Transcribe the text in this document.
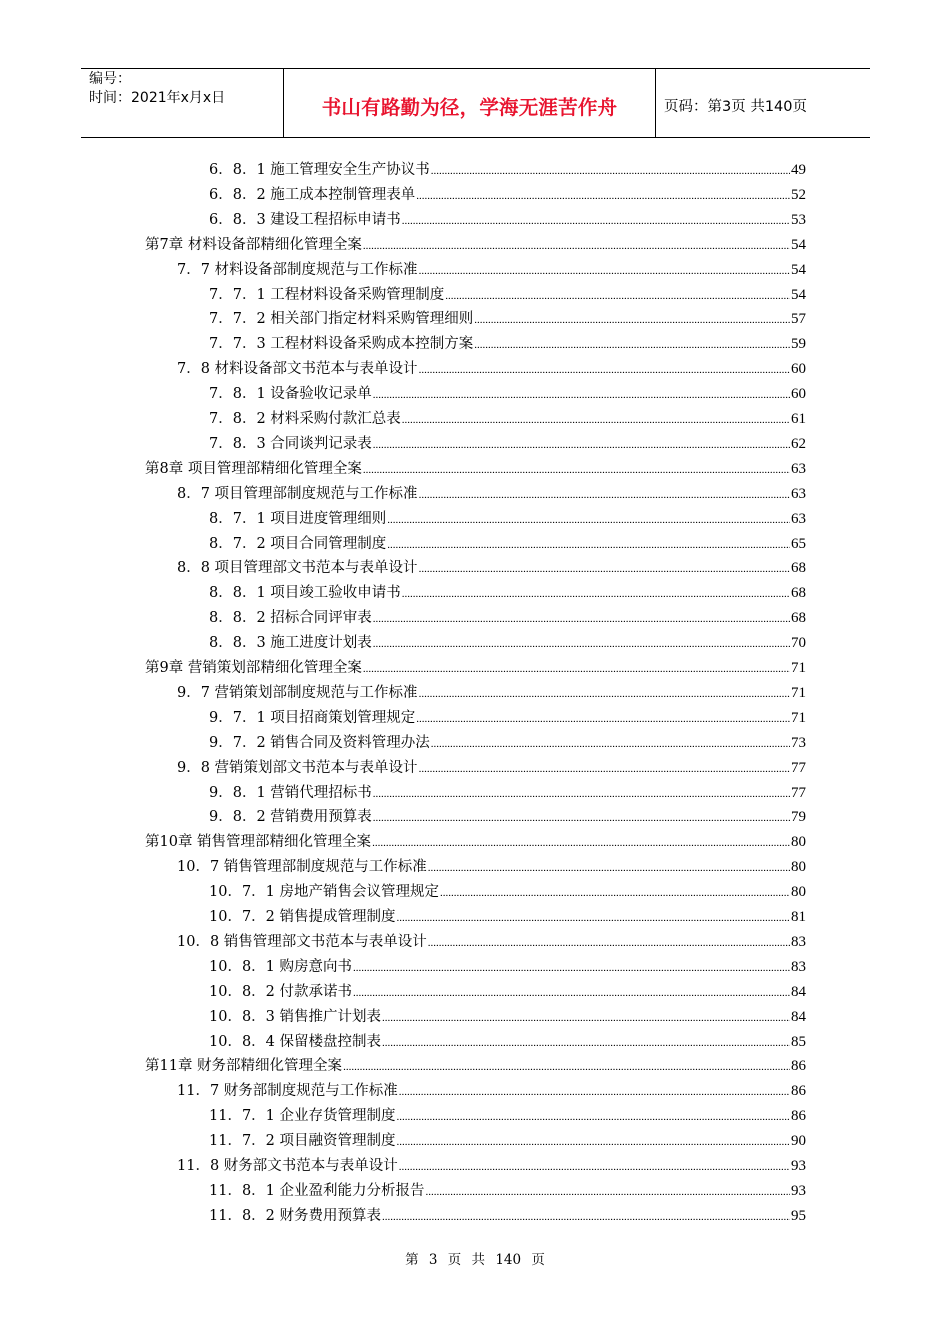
编号：
时间：2021年x月x日	书山有路勤为径，学海无涯苦作舟	页码：第3页 共140页
6．8．1 施工管理安全生产协议书 .....	49
6．8．2 施工成本控制管理表单 .....	52
6．8．3 建设工程招标申请书 .....	53
第7章 材料设备部精细化管理全案 .....	54
7．7 材料设备部制度规范与工作标准 .....	54
7．7．1 工程材料设备采购管理制度 .....	54
7．7．2 相关部门指定材料采购管理细则 .....	57
7．7．3 工程材料设备采购成本控制方案 .....	59
7．8 材料设备部文书范本与表单设计 .....	60
7．8．1 设备验收记录单 .....	60
7．8．2 材料采购付款汇总表 .....	61
7．8．3 合同谈判记录表 .....	62
第8章 项目管理部精细化管理全案 .....	63
8．7 项目管理部制度规范与工作标准 .....	63
8．7．1 项目进度管理细则 .....	63
8．7．2 项目合同管理制度 .....	65
8．8 项目管理部文书范本与表单设计 .....	68
8．8．1 项目竣工验收申请书 .....	68
8．8．2 招标合同评审表 .....	68
8．8．3 施工进度计划表 .....	70
第9章 营销策划部精细化管理全案 .....	71
9．7 营销策划部制度规范与工作标准 .....	71
9．7．1 项目招商策划管理规定 .....	71
9．7．2 销售合同及资料管理办法 .....	73
9．8 营销策划部文书范本与表单设计 .....	77
9．8．1 营销代理招标书 .....	77
9．8．2 营销费用预算表 .....	79
第10章 销售管理部精细化管理全案 .....	80
10．7 销售管理部制度规范与工作标准 .....	80
10．7．1 房地产销售会议管理规定 .....	80
10．7．2 销售提成管理制度 .....	81
10．8 销售管理部文书范本与表单设计 .....	83
10．8．1 购房意向书 .....	83
10．8．2 付款承诺书 .....	84
10．8．3 销售推广计划表 .....	84
10．8．4 保留楼盘控制表 .....	85
第11章 财务部精细化管理全案 .....	86
11．7 财务部制度规范与工作标准 .....	86
11．7．1 企业存货管理制度 .....	86
11．7．2 项目融资管理制度 .....	90
11．8 财务部文书范本与表单设计 .....	93
11．8．1 企业盈利能力分析报告 .....	93
11．8．2 财务费用预算表 .....	95
第 3 页 共 140 页
